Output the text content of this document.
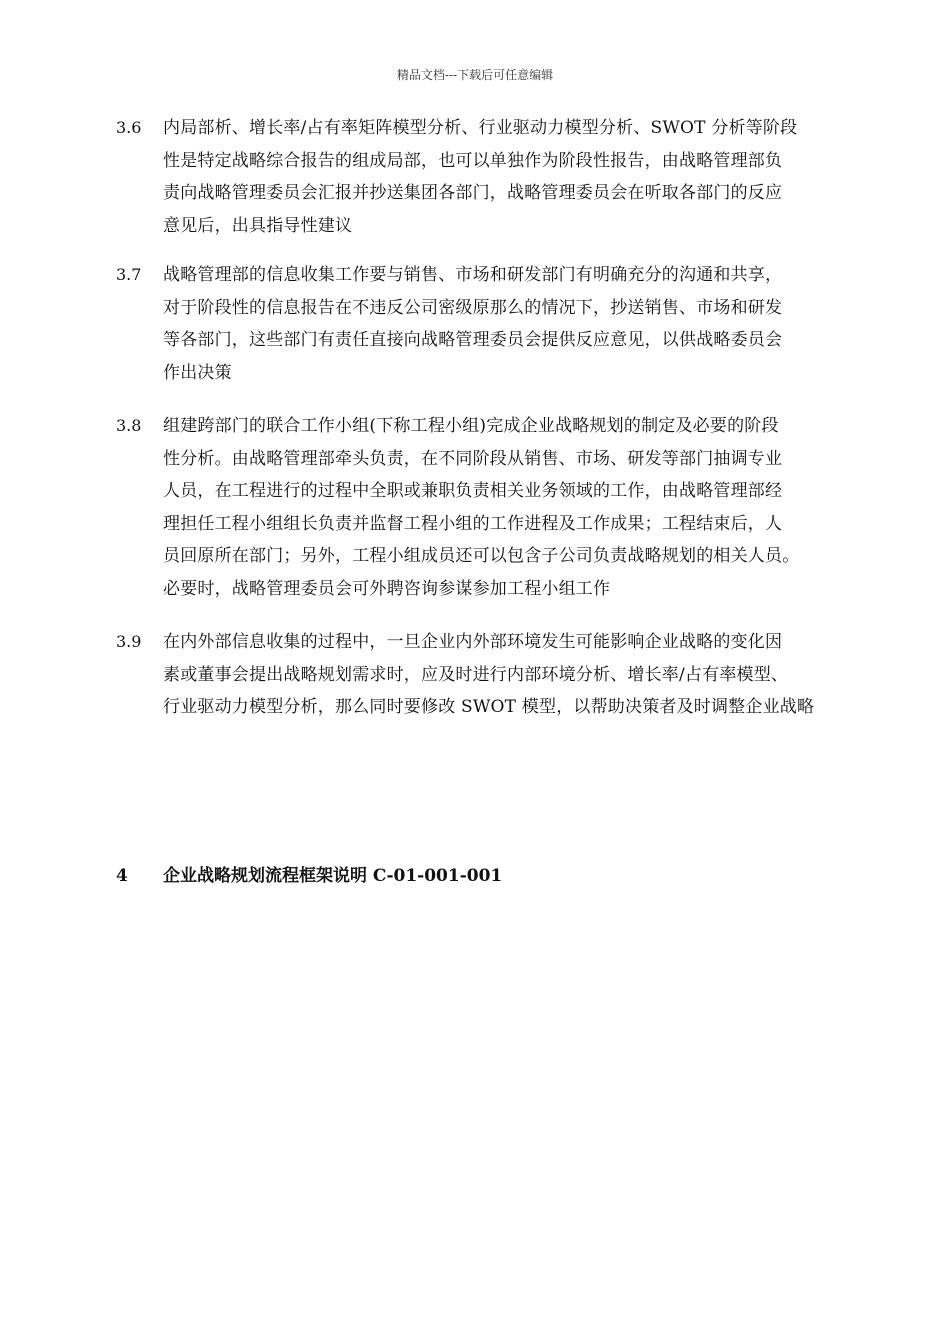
精品文档---下载后可任意编辑
3.6 内局部析、增长率/占有率矩阵模型分析、行业驱动力模型分析、SWOT 分析等阶段
性是特定战略综合报告的组成局部，也可以单独作为阶段性报告，由战略管理部负
责向战略管理委员会汇报并抄送集团各部门，战略管理委员会在听取各部门的反应
意见后，出具指导性建议
3.7 战略管理部的信息收集工作要与销售、市场和研发部门有明确充分的沟通和共享，
对于阶段性的信息报告在不违反公司密级原那么的情况下，抄送销售、市场和研发
等各部门，这些部门有责任直接向战略管理委员会提供反应意见，以供战略委员会
作出决策
3.8 组建跨部门的联合工作小组(下称工程小组)完成企业战略规划的制定及必要的阶段
性分析。由战略管理部牵头负责，在不同阶段从销售、市场、研发等部门抽调专业
人员，在工程进行的过程中全职或兼职负责相关业务领域的工作，由战略管理部经
理担任工程小组组长负责并监督工程小组的工作进程及工作成果；工程结束后，人
员回原所在部门；另外，工程小组成员还可以包含子公司负责战略规划的相关人员。
必要时，战略管理委员会可外聘咨询参谋参加工程小组工作
3.9 在内外部信息收集的过程中，一旦企业内外部环境发生可能影响企业战略的变化因
素或董事会提出战略规划需求时，应及时进行内部环境分析、增长率/占有率模型、
行业驱动力模型分析，那么同时要修改 SWOT 模型，以帮助决策者及时调整企业战略
4 企业战略规划流程框架说明 C-01-001-001
